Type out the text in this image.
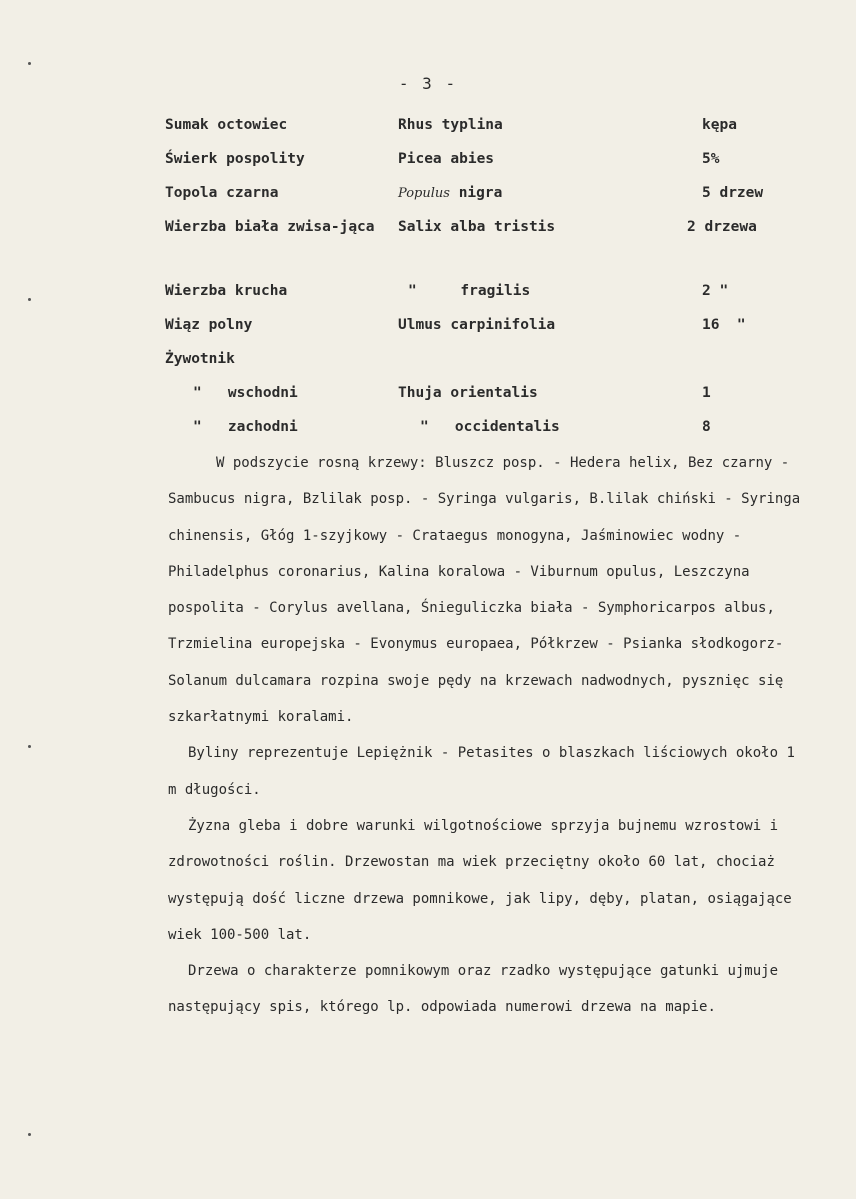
- 3 -
Sumak octowiec	Rhus typlina	kępa
Świerk pospolity	Picea abies	5%
Topola czarna	Populus nigra	5 drzew
Wierzba biała zwisa-jąca	Salix alba tristis	2 drzewa
Wierzba krucha	"     fragilis	2 "
Wiąz polny	Ulmus carpinifolia	16  "
Żywotnik
"   wschodni	Thuja orientalis	1
"   zachodni	"   occidentalis	8

W podszycie rosną krzewy: Bluszcz posp. - Hedera helix, Bez czarny - Sambucus nigra, Bzlilak posp. - Syringa vulgaris, B.lilak chiński - Syringa chinensis, Głóg 1-szyjkowy - Crataegus monogyna, Jaśminowiec wodny - Philadelphus coronarius, Kalina koralowa - Viburnum opulus, Leszczyna pospolita - Corylus avellana, Śnieguliczka biała - Symphoricarpos albus, Trzmielina europejska - Evonymus europaea, Półkrzew - Psianka słodkogorz- Solanum dulcamara rozpina swoje pędy na krzewach nadwodnych, pysznięc się szkarłatnymi koralami.

Byliny reprezentuje Lepiężnik - Petasites o blaszkach liściowych około 1 m długości.

Żyzna gleba i dobre warunki wilgotnościowe sprzyja bujnemu wzrostowi i zdrowotności roślin. Drzewostan ma wiek przeciętny około 60 lat, chociaż występują dość liczne drzewa pomnikowe, jak lipy, dęby, platan, osiągające wiek 100-500 lat.

Drzewa o charakterze pomnikowym oraz rzadko występujące gatunki ujmuje następujący spis, którego lp. odpowiada numerowi drzewa na mapie.
